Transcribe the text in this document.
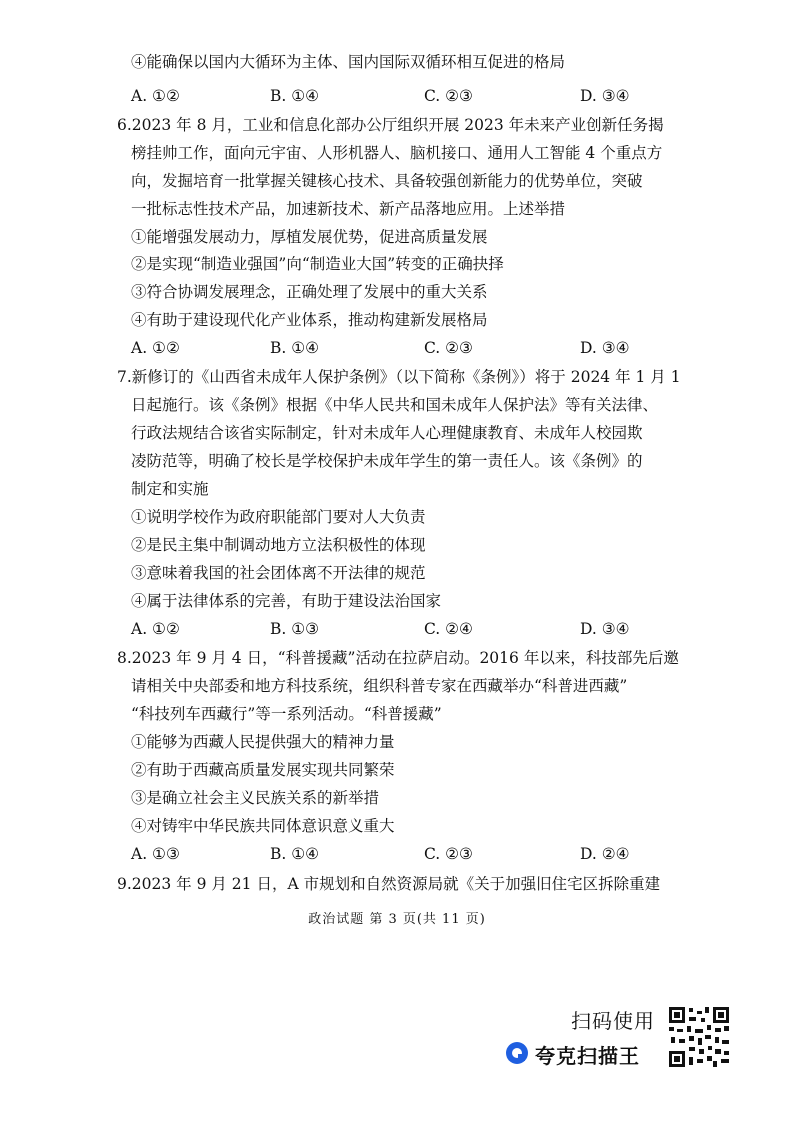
④能确保以国内大循环为主体、国内国际双循环相互促进的格局
A. ①②	B. ①④	C. ②③	D. ③④
6.2023 年 8 月，工业和信息化部办公厅组织开展 2023 年未来产业创新任务揭
榜挂帅工作，面向元宇宙、人形机器人、脑机接口、通用人工智能 4 个重点方
向，发掘培育一批掌握关键核心技术、具备较强创新能力的优势单位，突破
一批标志性技术产品，加速新技术、新产品落地应用。上述举措
①能增强发展动力，厚植发展优势，促进高质量发展
②是实现“制造业强国”向“制造业大国”转变的正确抉择
③符合协调发展理念，正确处理了发展中的重大关系
④有助于建设现代化产业体系，推动构建新发展格局
A. ①②	B. ①④	C. ②③	D. ③④
7.新修订的《山西省未成年人保护条例》（以下简称《条例》）将于 2024 年 1 月 1
日起施行。该《条例》根据《中华人民共和国未成年人保护法》等有关法律、
行政法规结合该省实际制定，针对未成年人心理健康教育、未成年人校园欺
凌防范等，明确了校长是学校保护未成年学生的第一责任人。该《条例》的
制定和实施
①说明学校作为政府职能部门要对人大负责
②是民主集中制调动地方立法积极性的体现
③意味着我国的社会团体离不开法律的规范
④属于法律体系的完善，有助于建设法治国家
A. ①②	B. ①③	C. ②④	D. ③④
8.2023 年 9 月 4 日，“科普援藏”活动在拉萨启动。2016 年以来，科技部先后邀
请相关中央部委和地方科技系统，组织科普专家在西藏举办“科普进西藏”
“科技列车西藏行”等一系列活动。“科普援藏”
①能够为西藏人民提供强大的精神力量
②有助于西藏高质量发展实现共同繁荣
③是确立社会主义民族关系的新举措
④对铸牢中华民族共同体意识意义重大
A. ①③	B. ①④	C. ②③	D. ②④
9.2023 年 9 月 21 日，A 市规划和自然资源局就《关于加强旧住宅区拆除重建
政治试题 第 3 页(共 11 页)
扫码使用
夸克扫描王
